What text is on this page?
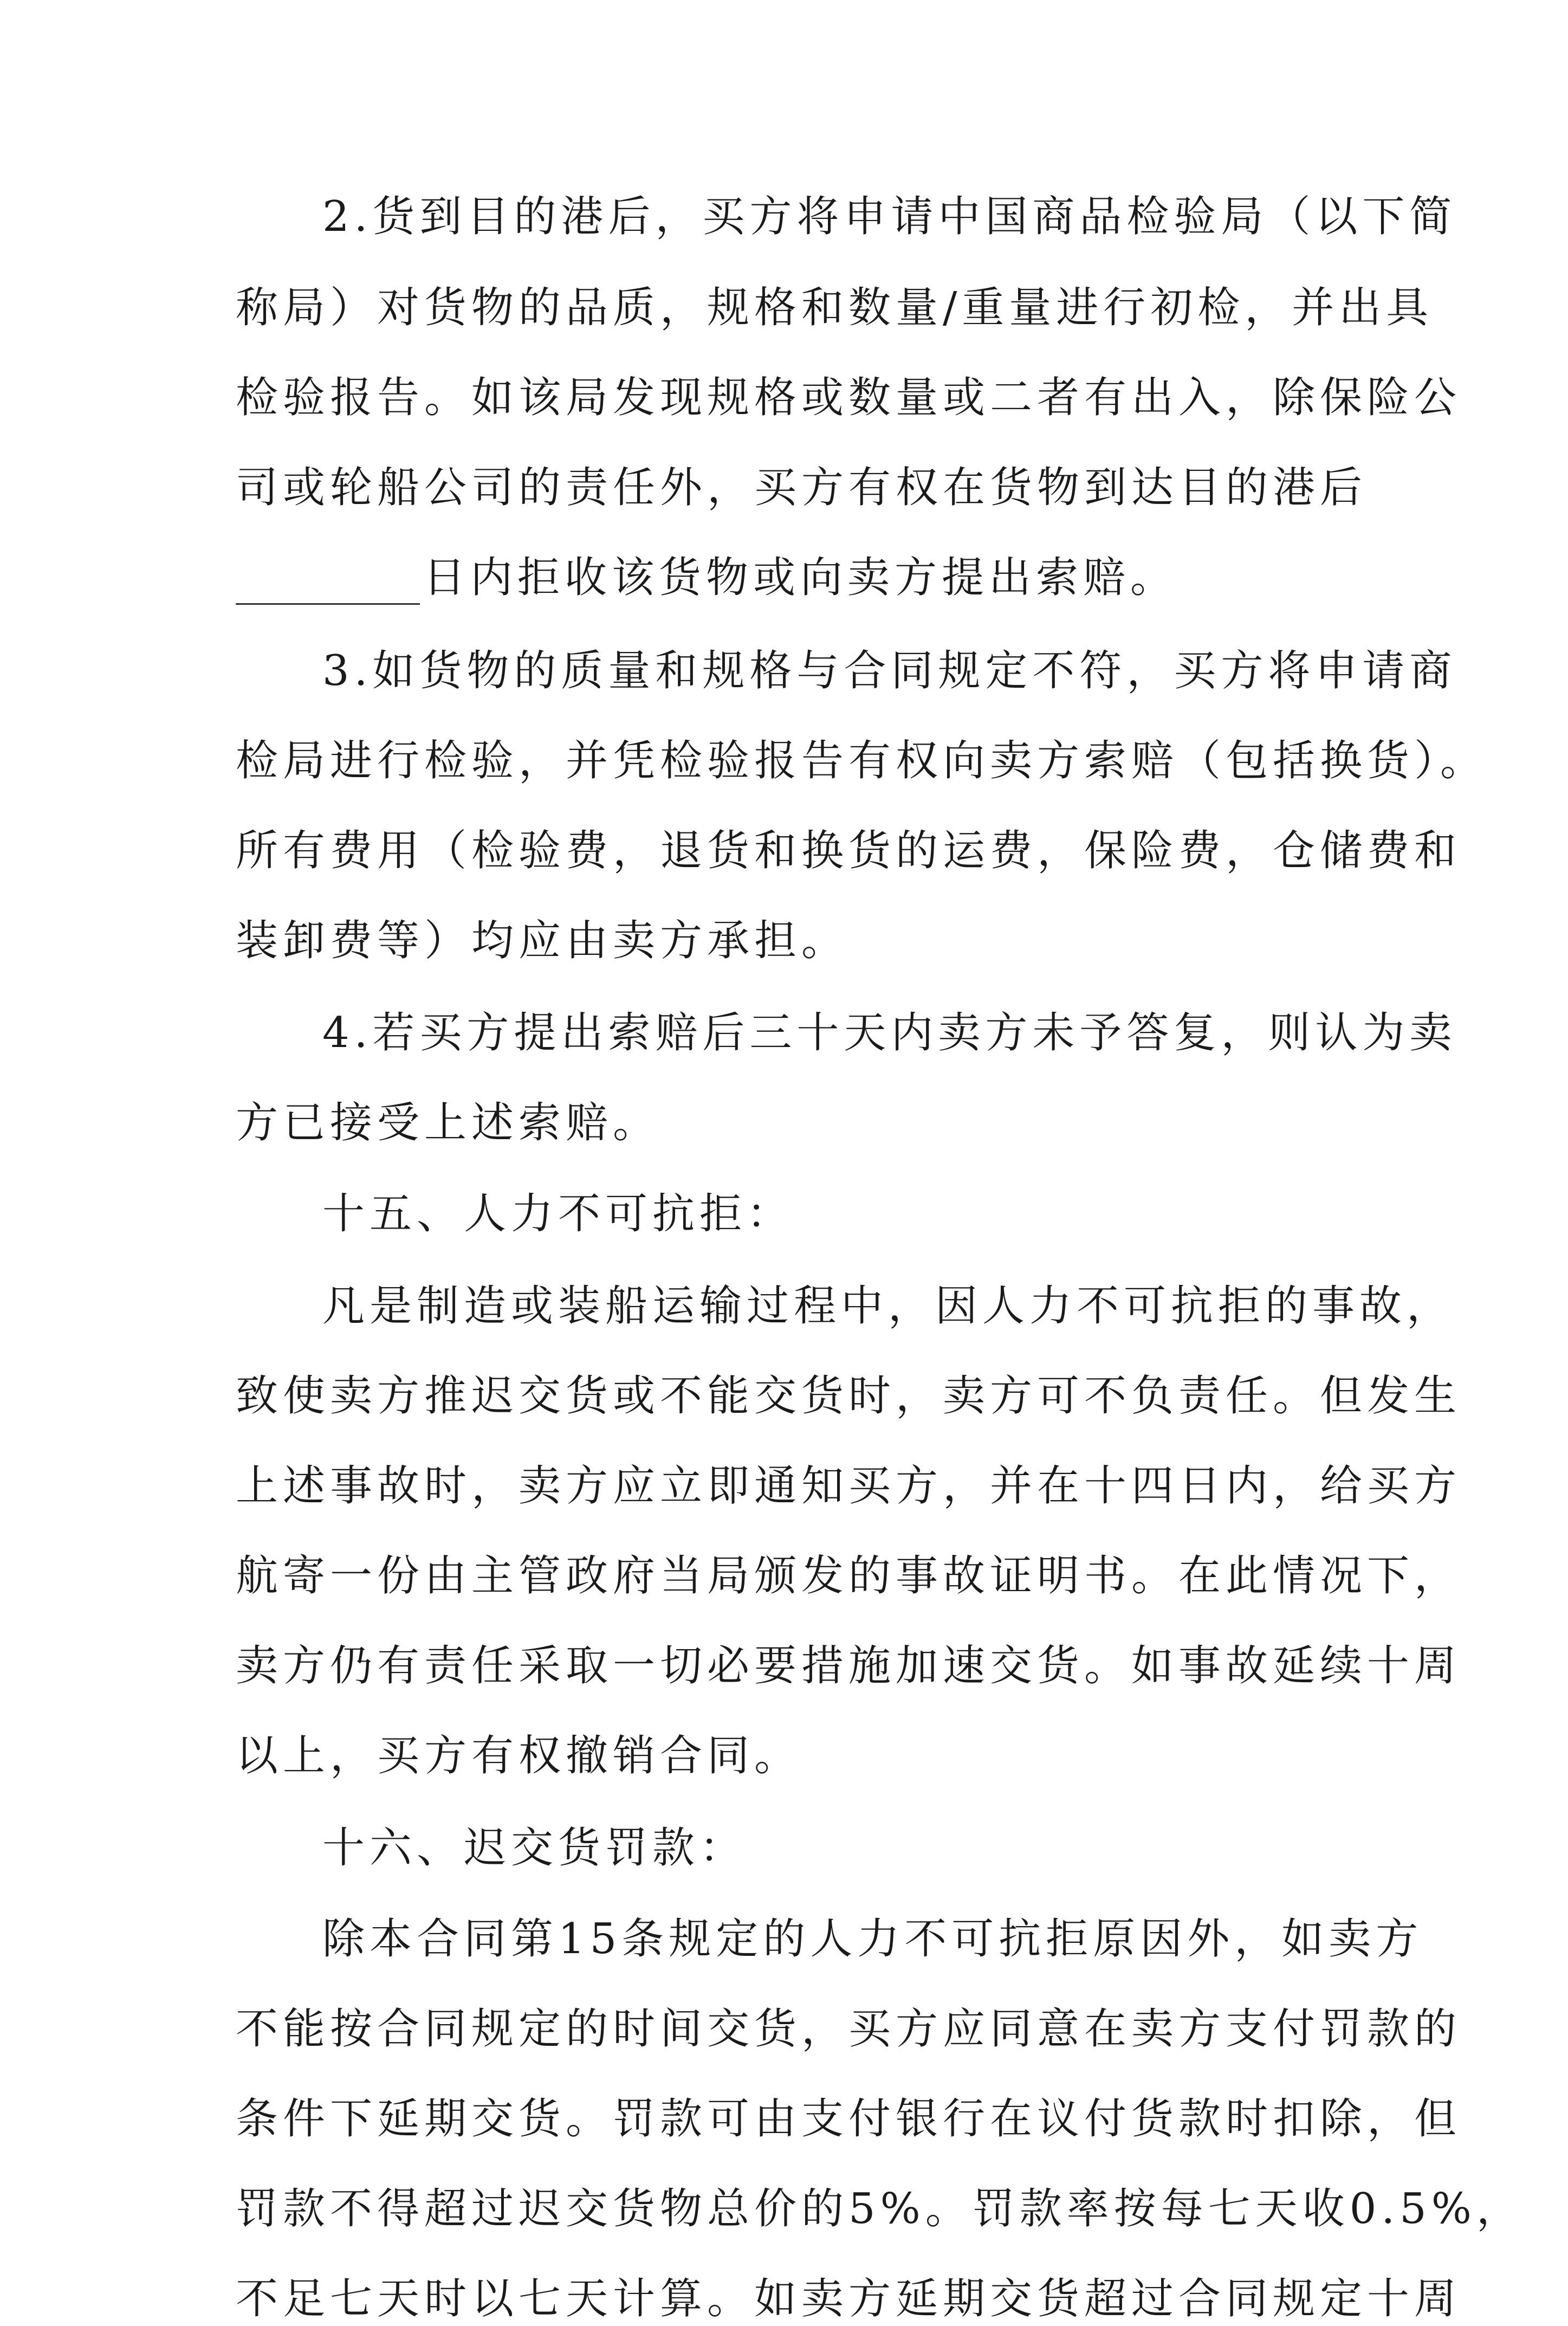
2.货到目的港后，买方将申请中国商品检验局（以下简
称局）对货物的品质，规格和数量/重量进行初检，并出具
检验报告。如该局发现规格或数量或二者有出入，除保险公
司或轮船公司的责任外，买方有权在货物到达目的港后
日内拒收该货物或向卖方提出索赔。
3.如货物的质量和规格与合同规定不符，买方将申请商
检局进行检验，并凭检验报告有权向卖方索赔（包括换货）。
所有费用（检验费，退货和换货的运费，保险费，仓储费和
装卸费等）均应由卖方承担。
4.若买方提出索赔后三十天内卖方未予答复，则认为卖
方已接受上述索赔。
十五、人力不可抗拒：
凡是制造或装船运输过程中，因人力不可抗拒的事故，
致使卖方推迟交货或不能交货时，卖方可不负责任。但发生
上述事故时，卖方应立即通知买方，并在十四日内，给买方
航寄一份由主管政府当局颁发的事故证明书。在此情况下，
卖方仍有责任采取一切必要措施加速交货。如事故延续十周
以上，买方有权撤销合同。
十六、迟交货罚款：
除本合同第15条规定的人力不可抗拒原因外，如卖方
不能按合同规定的时间交货，买方应同意在卖方支付罚款的
条件下延期交货。罚款可由支付银行在议付货款时扣除，但
罚款不得超过迟交货物总价的5%。罚款率按每七天收0.5%，
不足七天时以七天计算。如卖方延期交货超过合同规定十周
